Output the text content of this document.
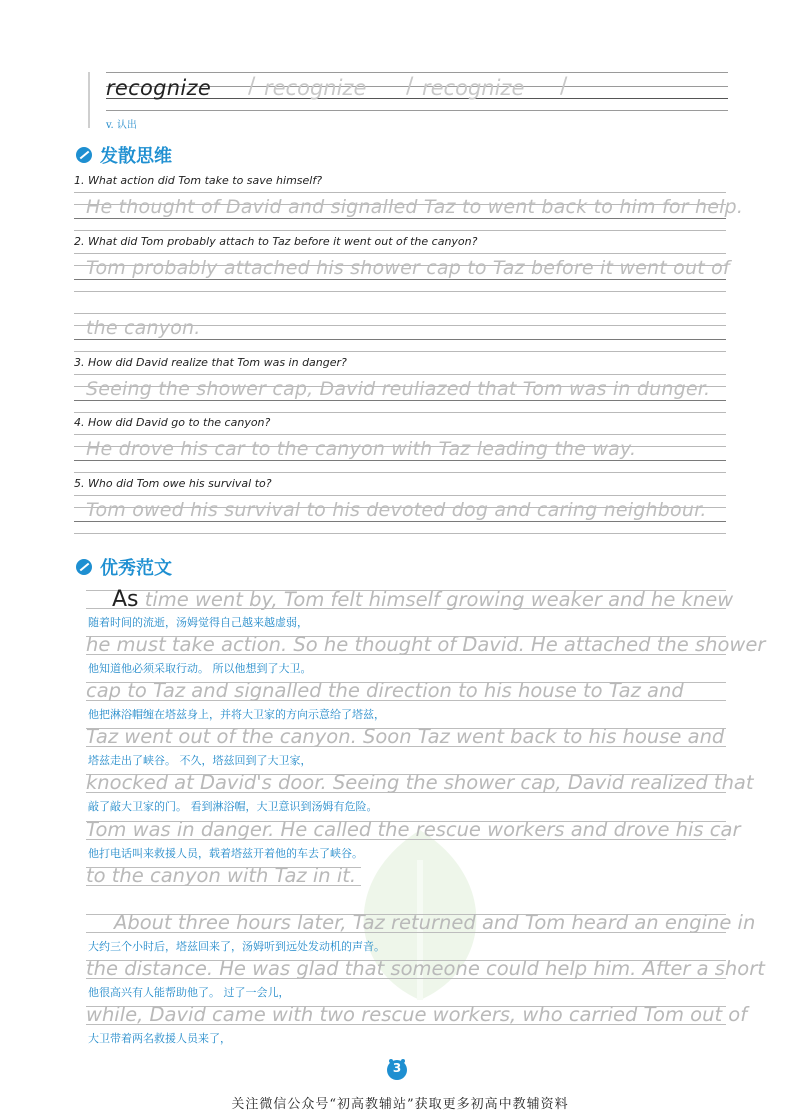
recognize / recognize / recognize /
v. 认出
发散思维
1. What action did Tom take to save himself?
He thought of David and signalled Taz to went back to him for help.
2. What did Tom probably attach to Taz before it went out of the canyon?
Tom probably attached his shower cap to Taz before it went out of
the canyon.
3. How did David realize that Tom was in danger?
Seeing the shower cap, David reuliazed that Tom was in dunger.
4. How did David go to the canyon?
He drove his car to the canyon with Taz leading the way.
5. Who did Tom owe his survival to?
Tom owed his survival to his devoted dog and caring neighbour.
优秀范文
As time went by, Tom felt himself growing weaker and he knew
随着时间的流逝，汤姆觉得自己越来越虚弱，
he must take action. So he thought of David. He attached the shower
他知道他必须采取行动。 所以他想到了大卫。
cap to Taz and signalled the direction to his house to Taz and
他把淋浴帽缠在塔兹身上，并将大卫家的方向示意给了塔兹，
Taz went out of the canyon. Soon Taz went back to his house and
塔兹走出了峡谷。 不久，塔兹回到了大卫家，
knocked at David's door. Seeing the shower cap, David realized that
敲了敲大卫家的门。 看到淋浴帽，大卫意识到汤姆有危险。
Tom was in danger. He called the rescue workers and drove his car
他打电话叫来救援人员，载着塔兹开着他的车去了峡谷。
to the canyon with Taz in it.
About three hours later, Taz returned and Tom heard an engine in
大约三个小时后，塔兹回来了，汤姆听到远处发动机的声音。
the distance. He was glad that someone could help him. After a short
他很高兴有人能帮助他了。 过了一会儿，
while, David came with two rescue workers, who carried Tom out of
大卫带着两名救援人员来了，
3
关注微信公众号“初高教辅站”获取更多初高中教辅资料
